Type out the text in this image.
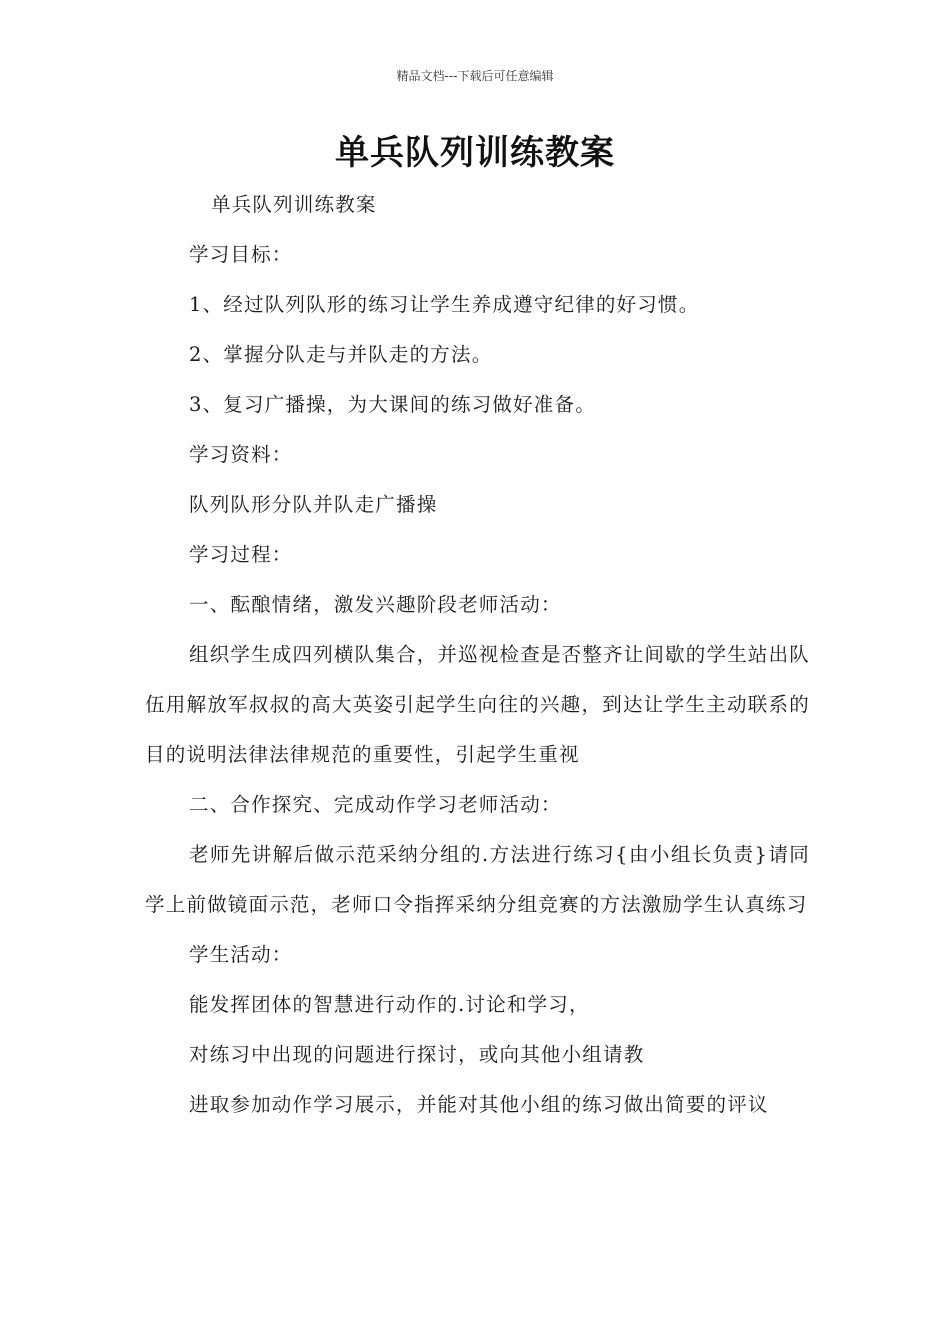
精品文档---下载后可任意编辑
单兵队列训练教案

单兵队列训练教案

学习目标：

1、经过队列队形的练习让学生养成遵守纪律的好习惯。

2、掌握分队走与并队走的方法。

3、复习广播操，为大课间的练习做好准备。

学习资料：

队列队形分队并队走广播操

学习过程：

一、酝酿情绪，激发兴趣阶段老师活动：

组织学生成四列横队集合，并巡视检查是否整齐让间歇的学生站出队伍用解放军叔叔的高大英姿引起学生向往的兴趣，到达让学生主动联系的目的说明法律法律规范的重要性，引起学生重视

二、合作探究、完成动作学习老师活动：

老师先讲解后做示范采纳分组的.方法进行练习{由小组长负责}请同学上前做镜面示范，老师口令指挥采纳分组竞赛的方法激励学生认真练习

学生活动：

能发挥团体的智慧进行动作的.讨论和学习，

对练习中出现的问题进行探讨，或向其他小组请教

进取参加动作学习展示，并能对其他小组的练习做出简要的评议
